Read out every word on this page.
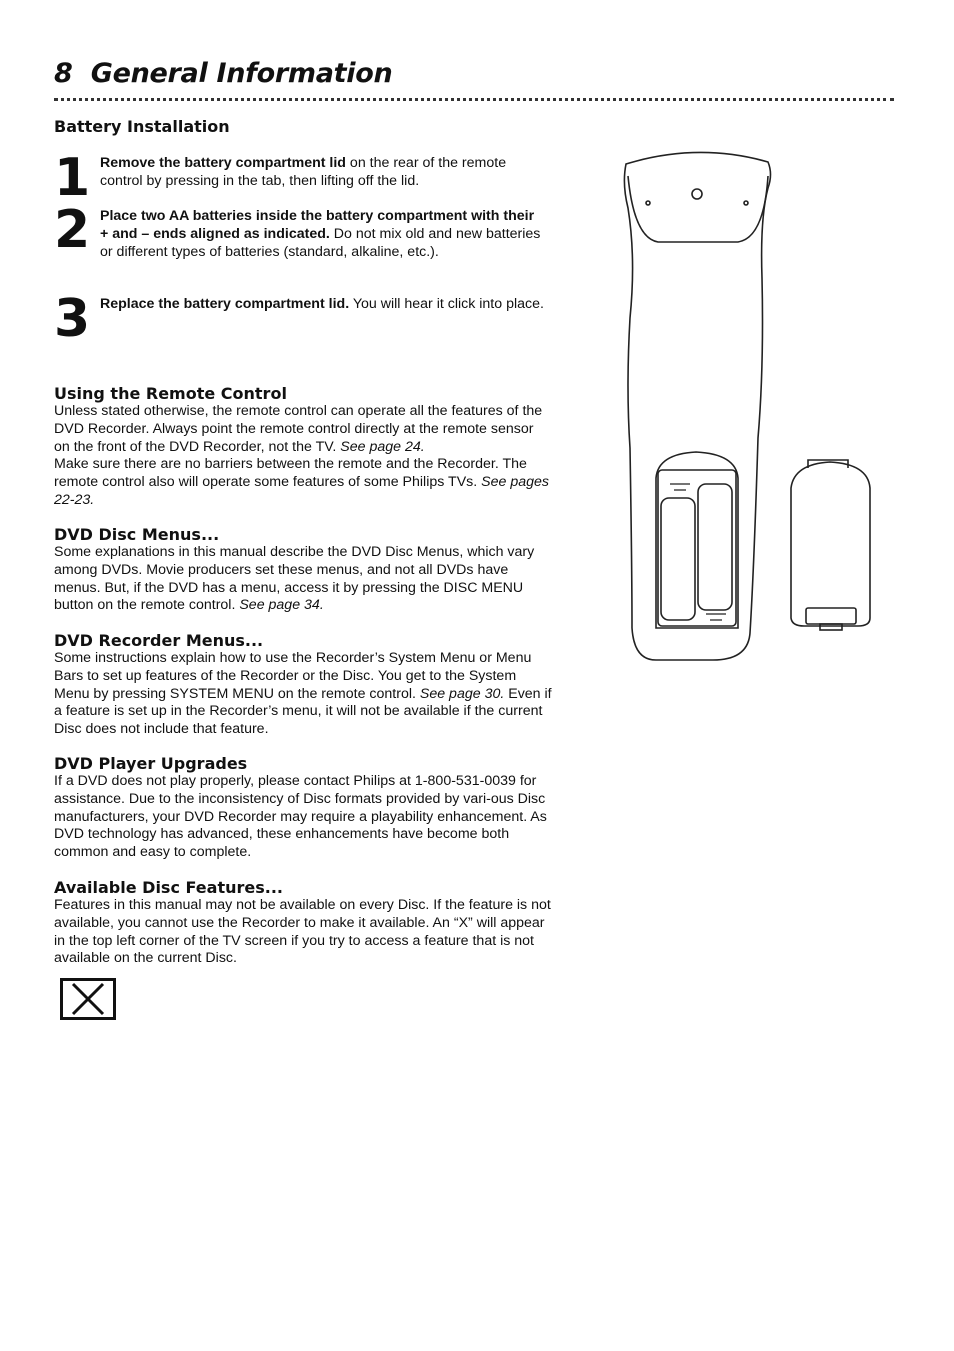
8 General Information
Battery Installation
1 Remove the battery compartment lid on the rear of the remote control by pressing in the tab, then lifting off the lid.

2 Place two AA batteries inside the battery compartment with their + and – ends aligned as indicated. Do not mix old and new batteries or different types of batteries (standard, alkaline, etc.).

3 Replace the battery compartment lid. You will hear it click into place.

Using the Remote Control

Unless stated otherwise, the remote control can operate all the features of the DVD Recorder. Always point the remote control directly at the remote sensor on the front of the DVD Recorder, not the TV. See page 24.
Make sure there are no barriers between the remote and the Recorder. The remote control also will operate some features of some Philips TVs. See pages 22-23.

DVD Disc Menus...

Some explanations in this manual describe the DVD Disc Menus, which vary among DVDs. Movie producers set these menus, and not all DVDs have menus. But, if the DVD has a menu, access it by pressing the DISC MENU button on the remote control. See page 34.

DVD Recorder Menus...

Some instructions explain how to use the Recorder’s System Menu or Menu Bars to set up features of the Recorder or the Disc. You get to the System Menu by pressing SYSTEM MENU on the remote control. See page 30. Even if a feature is set up in the Recorder’s menu, it will not be available if the current Disc does not include that feature.

DVD Player Upgrades

If a DVD does not play properly, please contact Philips at 1-800-531-0039 for assistance. Due to the inconsistency of Disc formats provided by vari-ous Disc manufacturers, your DVD Recorder may require a playability enhancement. As DVD technology has advanced, these enhancements have become both common and easy to complete.

Available Disc Features...

Features in this manual may not be available on every Disc. If the feature is not available, you cannot use the Recorder to make it available. An “X” will appear in the top left corner of the TV screen if you try to access a feature that is not available on the current Disc.
